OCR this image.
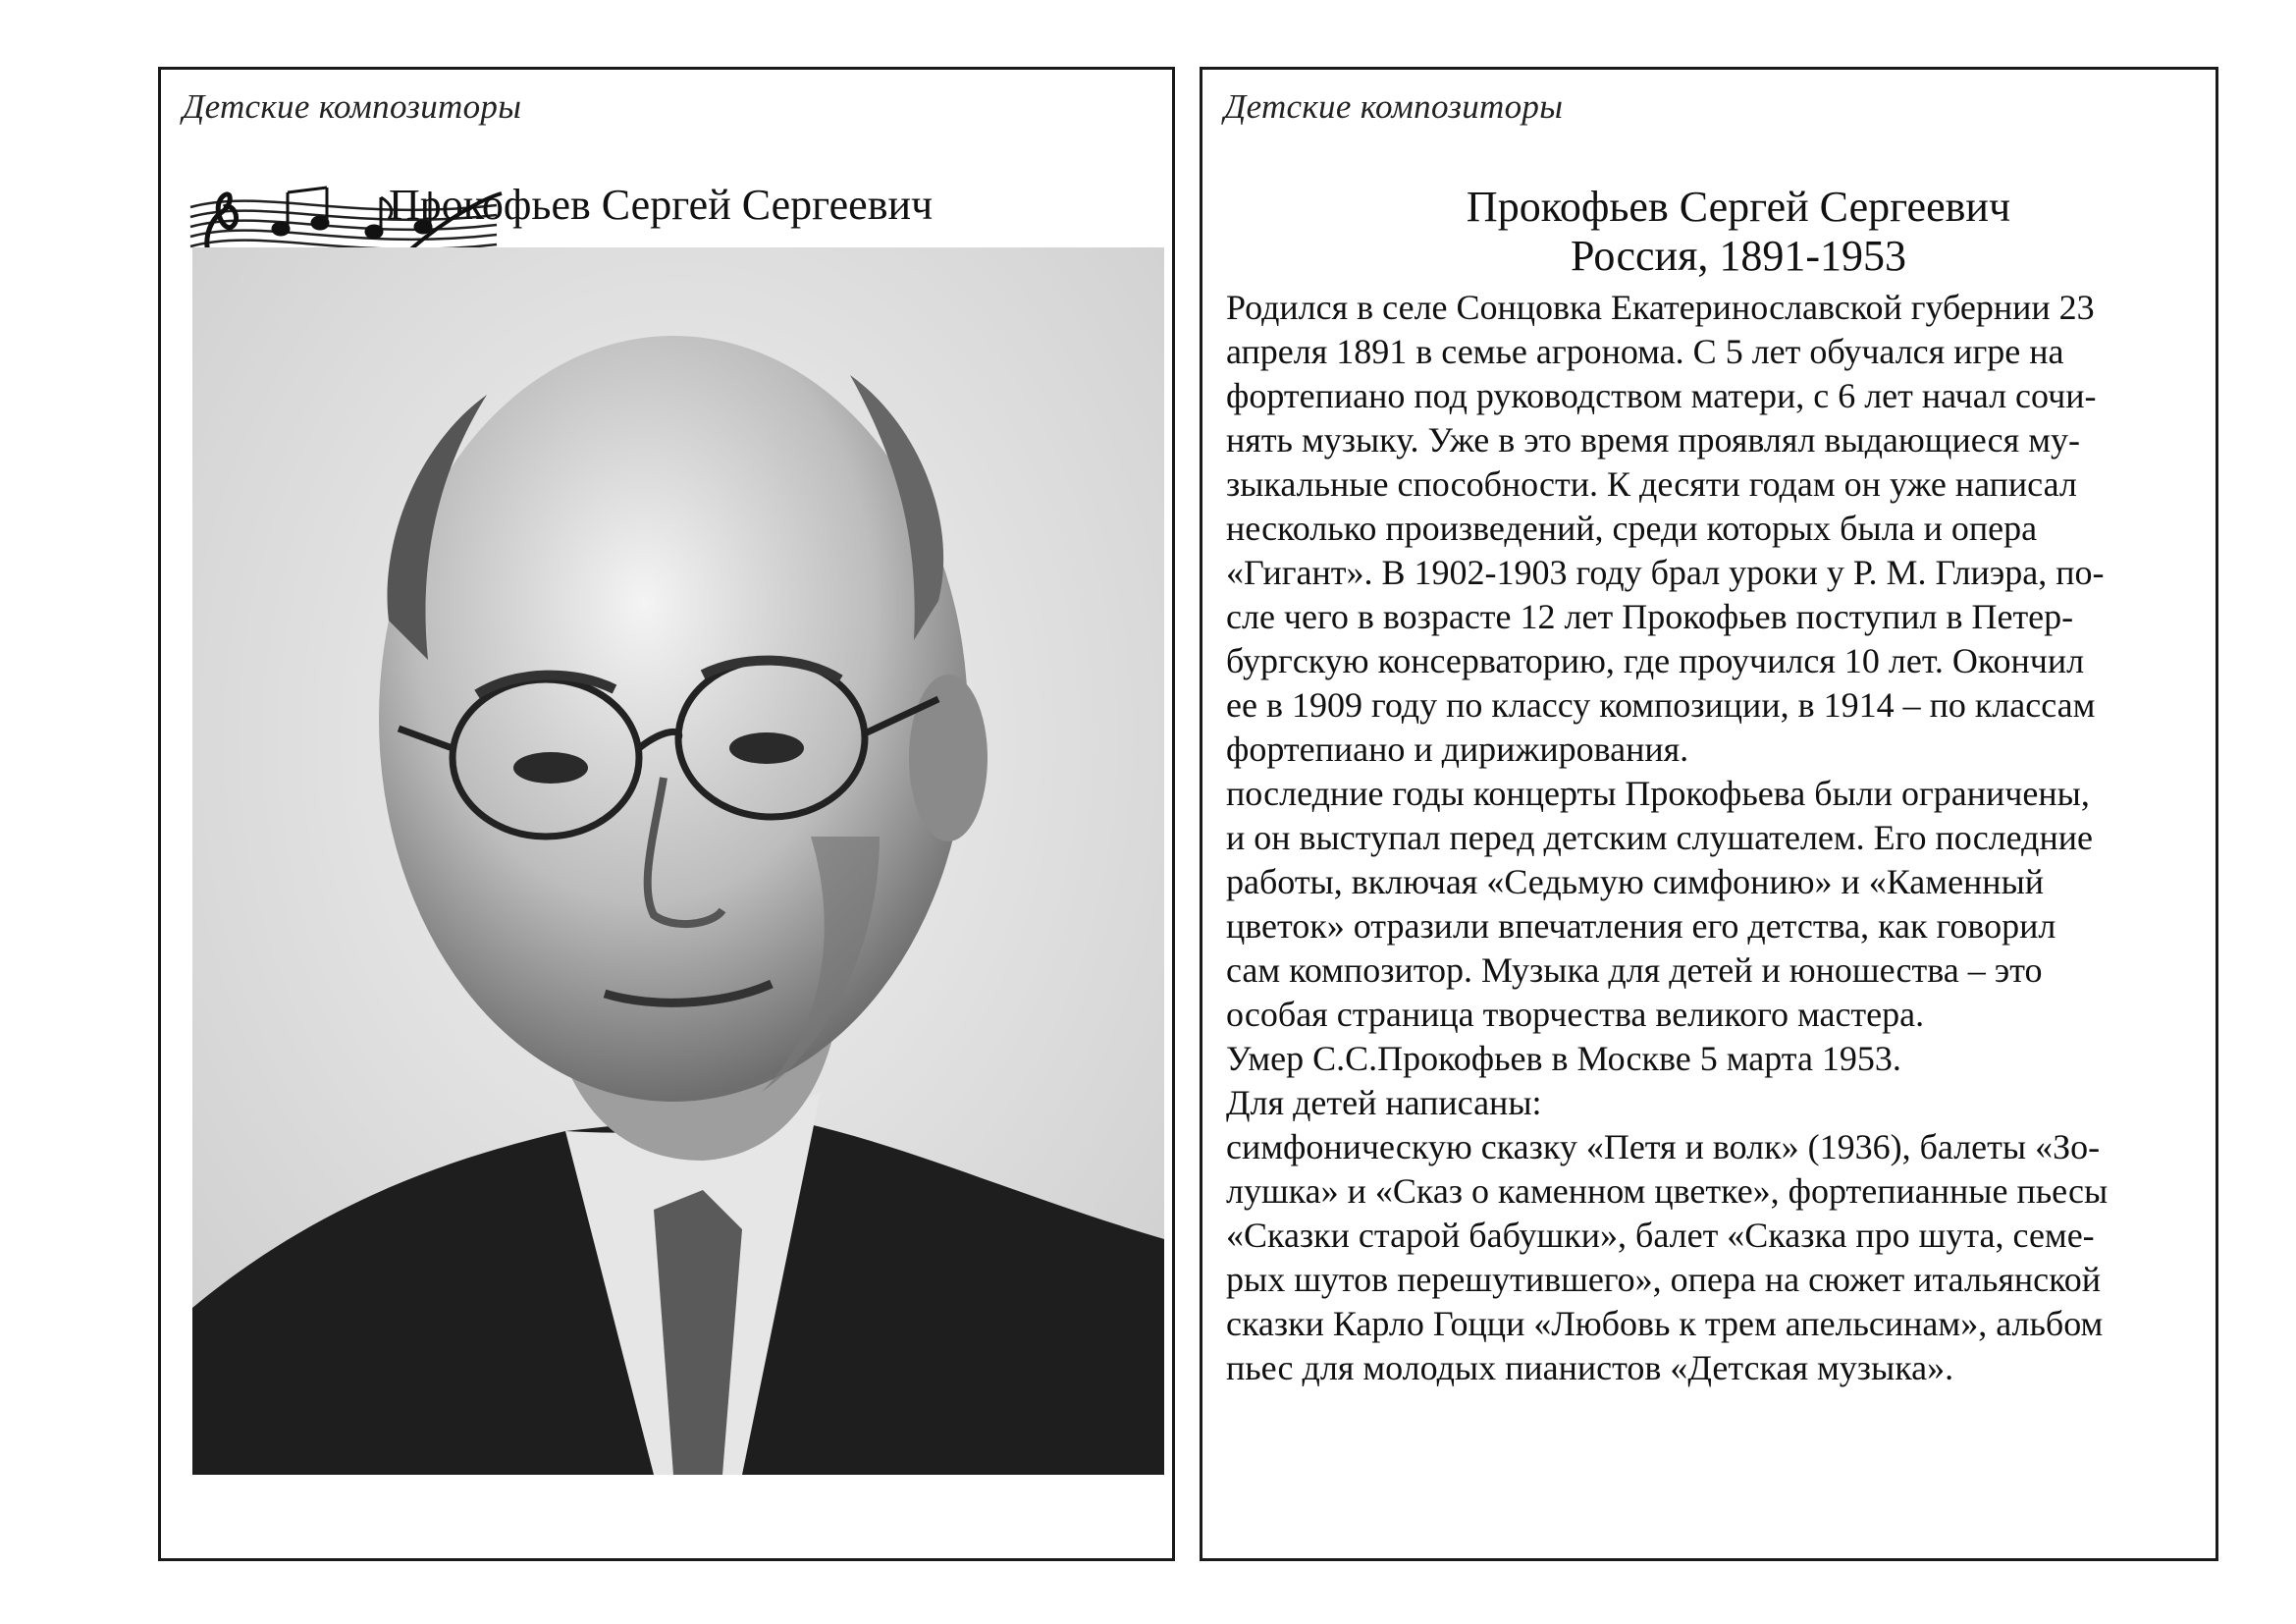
Детские композиторы
Прокофьев Сергей Сергеевич
Детские композиторы
Прокофьев Сергей Сергеевич
Россия, 1891-1953
Родился в селе Сонцовка Екатеринославской губернии 23
апреля 1891 в семье агронома. С 5 лет обучался игре на
фортепиано под руководством матери, с 6 лет начал сочи-
нять музыку. Уже в это время проявлял выдающиеся му-
зыкальные способности. К десяти годам он уже написал
несколько произведений, среди которых была и опера
«Гигант». В 1902-1903 году брал уроки у Р. М. Глиэра, по-
сле чего в возрасте 12 лет Прокофьев поступил в Петер-
бургскую консерваторию, где проучился 10 лет. Окончил
ее в 1909 году по классу композиции, в 1914 – по классам
фортепиано и дирижирования.
последние годы концерты Прокофьева были ограничены,
и он выступал перед детским слушателем. Его последние
работы, включая «Седьмую симфонию» и «Каменный
цветок» отразили впечатления его детства, как говорил
сам композитор. Музыка для детей и юношества – это
особая страница творчества великого мастера.
Умер С.С.Прокофьев в Москве 5 марта 1953.
Для детей написаны:
симфоническую сказку «Петя и волк» (1936), балеты «Зо-
лушка» и «Сказ о каменном цветке», фортепианные пьесы
«Сказки старой бабушки», балет «Сказка про шута, семе-
рых шутов перешутившего», опера на сюжет итальянской
сказки Карло Гоцци «Любовь к трем апельсинам», альбом
пьес для молодых пианистов «Детская музыка».
